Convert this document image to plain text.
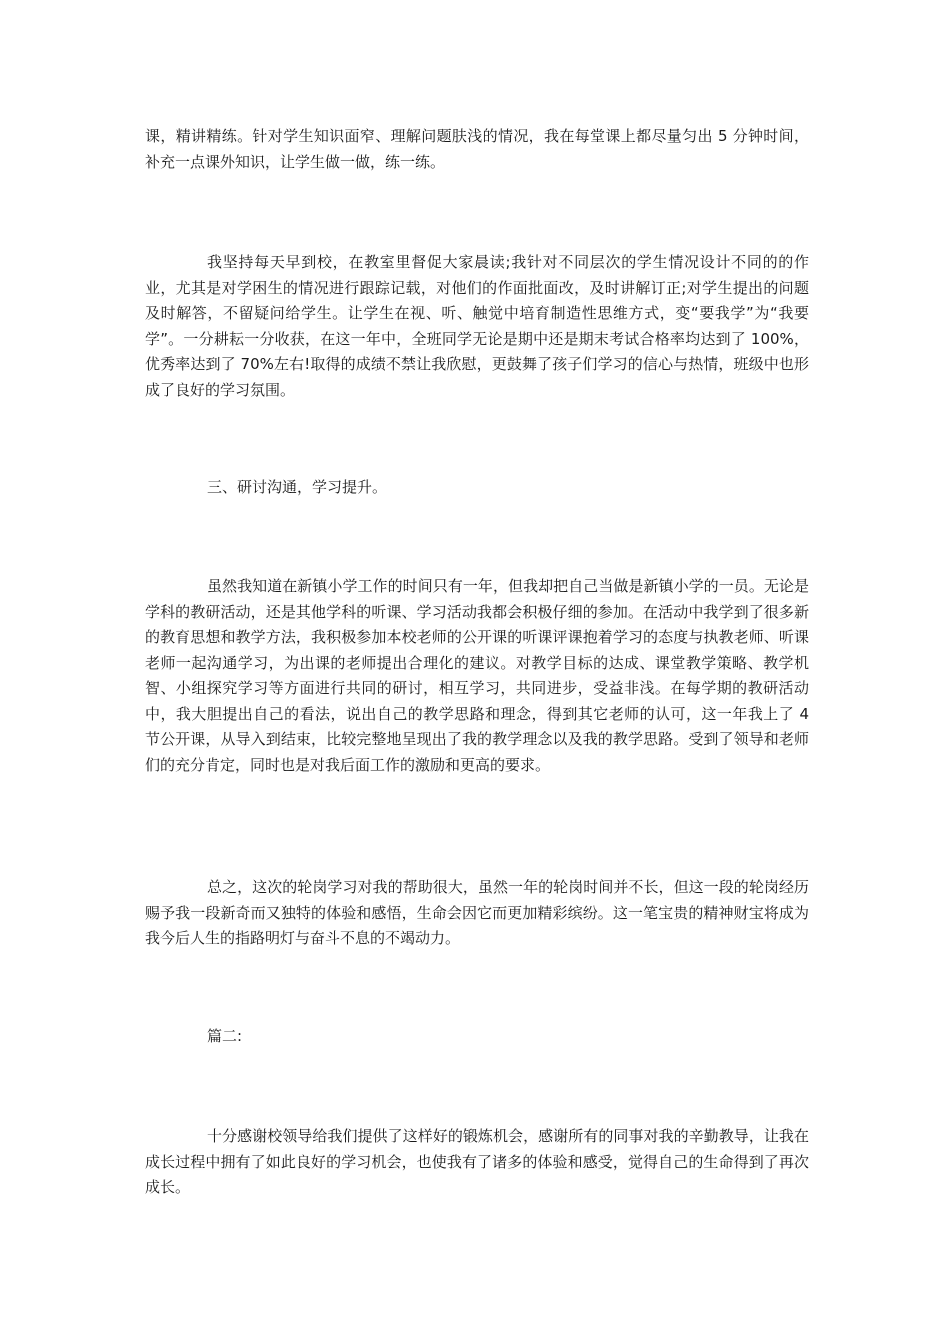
课，精讲精练。针对学生知识面窄、理解问题肤浅的情况，我在每堂课上都尽量匀出 5 分钟时间，补充一点课外知识，让学生做一做，练一练。

我坚持每天早到校，在教室里督促大家晨读;我针对不同层次的学生情况设计不同的的作业，尤其是对学困生的情况进行跟踪记载，对他们的作面批面改，及时讲解订正;对学生提出的问题及时解答，不留疑问给学生。让学生在视、听、触觉中培育制造性思维方式，变“要我学”为“我要学”。一分耕耘一分收获，在这一年中，全班同学无论是期中还是期末考试合格率均达到了 100%，优秀率达到了 70%左右!取得的成绩不禁让我欣慰，更鼓舞了孩子们学习的信心与热情，班级中也形成了良好的学习氛围。

三、研讨沟通，学习提升。

虽然我知道在新镇小学工作的时间只有一年，但我却把自己当做是新镇小学的一员。无论是学科的教研活动，还是其他学科的听课、学习活动我都会积极仔细的参加。在活动中我学到了很多新的教育思想和教学方法，我积极参加本校老师的公开课的听课评课抱着学习的态度与执教老师、听课老师一起沟通学习，为出课的老师提出合理化的建议。对教学目标的达成、课堂教学策略、教学机智、小组探究学习等方面进行共同的研讨，相互学习，共同进步，受益非浅。在每学期的教研活动中，我大胆提出自己的看法，说出自己的教学思路和理念，得到其它老师的认可，这一年我上了 4 节公开课，从导入到结束，比较完整地呈现出了我的教学理念以及我的教学思路。受到了领导和老师们的充分肯定，同时也是对我后面工作的激励和更高的要求。

总之，这次的轮岗学习对我的帮助很大，虽然一年的轮岗时间并不长，但这一段的轮岗经历赐予我一段新奇而又独特的体验和感悟，生命会因它而更加精彩缤纷。这一笔宝贵的精神财宝将成为我今后人生的指路明灯与奋斗不息的不竭动力。

篇二:

十分感谢校领导给我们提供了这样好的锻炼机会，感谢所有的同事对我的辛勤教导，让我在成长过程中拥有了如此良好的学习机会，也使我有了诸多的体验和感受，觉得自己的生命得到了再次成长。
